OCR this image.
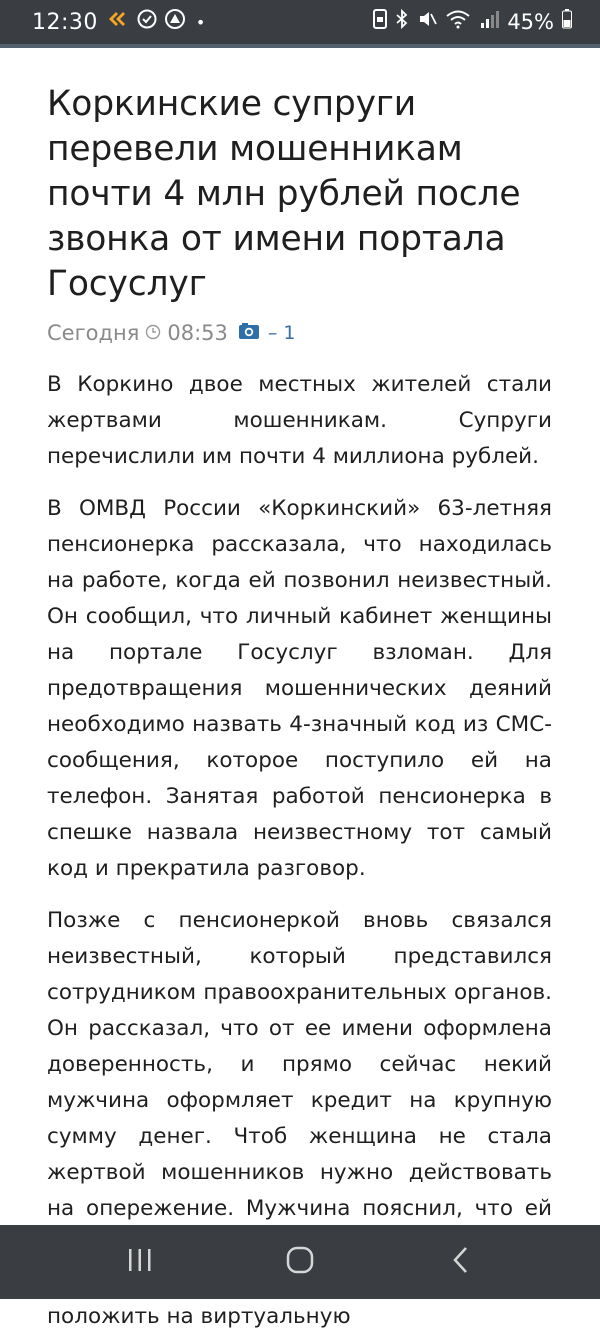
12:30	•	45%
Коркинские супруги перевели мошенникам почти 4 млн рублей после звонка от имени портала Госуслуг
Сегодня 08:53 – 1

В Коркино двое местных жителей стали жертвами мошенникам. Супруги перечислили им почти 4 миллиона рублей.

В ОМВД России «Коркинский» 63-летняя пенсионерка рассказала, что находилась на работе, когда ей позвонил неизвестный. Он сообщил, что личный кабинет женщины на портале Госуслуг взломан. Для предотвращения мошеннических деяний необходимо назвать 4-значный код из СМС-сообщения, которое поступило ей на телефон. Занятая работой пенсионерка в спешке назвала неизвестному тот самый код и прекратила разговор.

Позже с пенсионеркой вновь связался неизвестный, который представился сотрудником правоохранительных органов. Он рассказал, что от ее имени оформлена доверенность, и прямо сейчас некий мужчина оформляет кредит на крупную сумму денег. Чтоб женщина не стала жертвой мошенников нужно действовать на опережение. Мужчина пояснил, что ей положить на виртуальную
